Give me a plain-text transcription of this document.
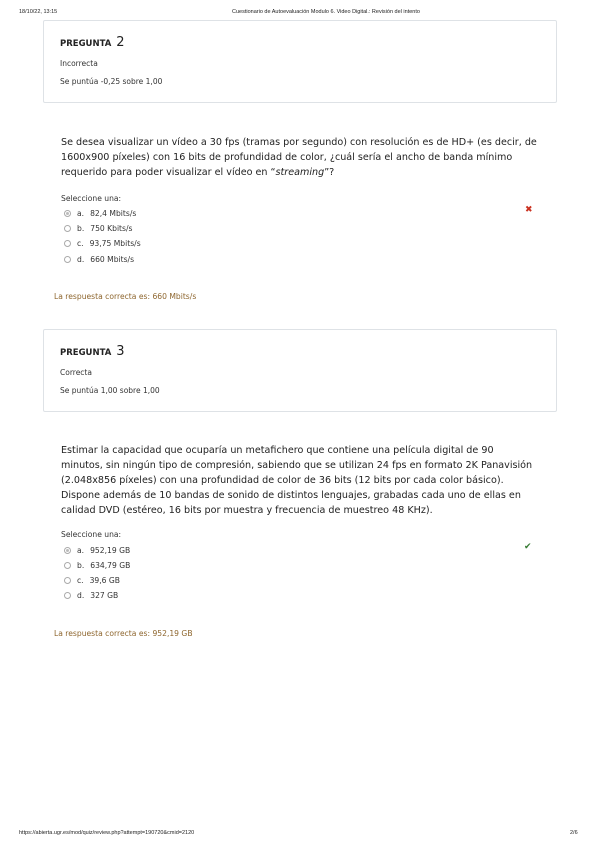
18/10/22, 13:15	Cuestionario de Autoevaluación Modulo 6. Video Digital.: Revisión del intento
PREGUNTA 2
Incorrecta
Se puntúa -0,25 sobre 1,00
Se desea visualizar un vídeo a 30 fps (tramas por segundo) con resolución es de HD+ (es decir, de 1600x900 píxeles) con 16 bits de profundidad de color, ¿cuál sería el ancho de banda mínimo requerido para poder visualizar el vídeo en “streaming”?
Seleccione una:
a. 82,4 Mbits/s
b. 750 Kbits/s
c. 93,75 Mbits/s
d. 660 Mbits/s
✖
La respuesta correcta es: 660 Mbits/s
PREGUNTA 3
Correcta
Se puntúa 1,00 sobre 1,00
Estimar la capacidad que ocuparía un metafichero que contiene una película digital de 90 minutos, sin ningún tipo de compresión, sabiendo que se utilizan 24 fps en formato 2K Panavisión (2.048x856 píxeles) con una profundidad de color de 36 bits (12 bits por cada color básico). Dispone además de 10 bandas de sonido de distintos lenguajes, grabadas cada uno de ellas en calidad DVD (estéreo, 16 bits por muestra y frecuencia de muestreo 48 KHz).
Seleccione una:
a. 952,19 GB
b. 634,79 GB
c. 39,6 GB
d. 327 GB
✔
La respuesta correcta es: 952,19 GB
https://abierta.ugr.es/mod/quiz/review.php?attempt=190720&cmid=2120	2/6
